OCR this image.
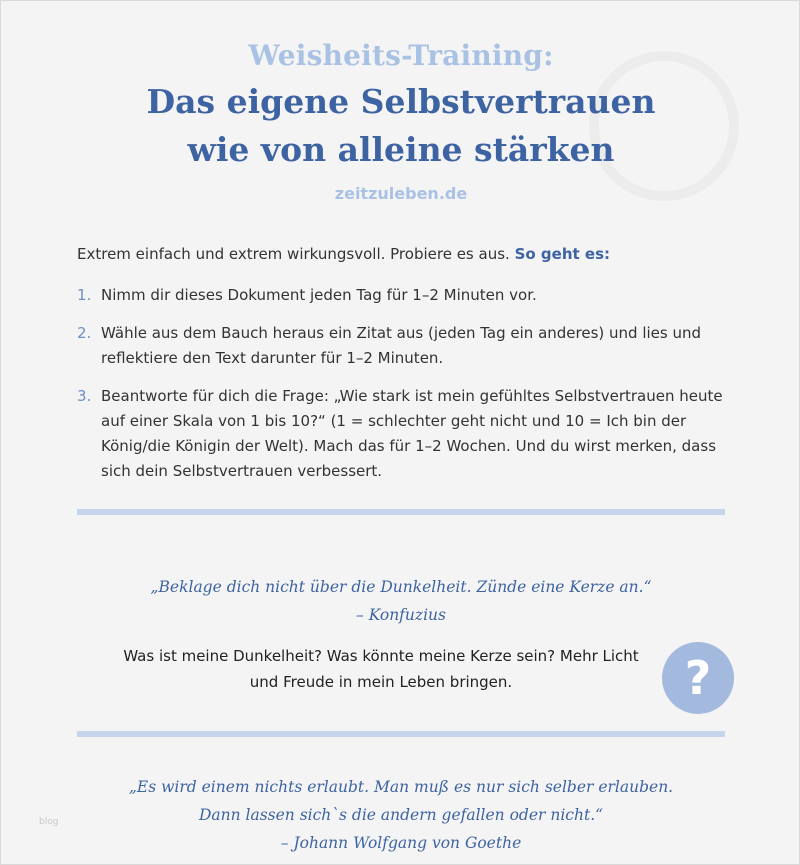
Weisheits-Training:
Das eigene Selbstvertrauen
wie von alleine stärken
zeitzuleben.de
Extrem einfach und extrem wirkungsvoll. Probiere es aus. So geht es:
1. Nimm dir dieses Dokument jeden Tag für 1–2 Minuten vor.
2. Wähle aus dem Bauch heraus ein Zitat aus (jeden Tag ein anderes) und lies und reflektiere den Text darunter für 1–2 Minuten.
3. Beantworte für dich die Frage: „Wie stark ist mein gefühltes Selbstvertrauen heute auf einer Skala von 1 bis 10?“ (1 = schlechter geht nicht und 10 = Ich bin der König/die Königin der Welt). Mach das für 1–2 Wochen. Und du wirst merken, dass sich dein Selbstvertrauen verbessert.
„Beklage dich nicht über die Dunkelheit. Zünde eine Kerze an.“
– Konfuzius
Was ist meine Dunkelheit? Was könnte meine Kerze sein? Mehr Licht
und Freude in mein Leben bringen.	?
„Es wird einem nichts erlaubt. Man muß es nur sich selber erlauben.
Dann lassen sich`s die andern gefallen oder nicht.“
– Johann Wolfgang von Goethe
blog
